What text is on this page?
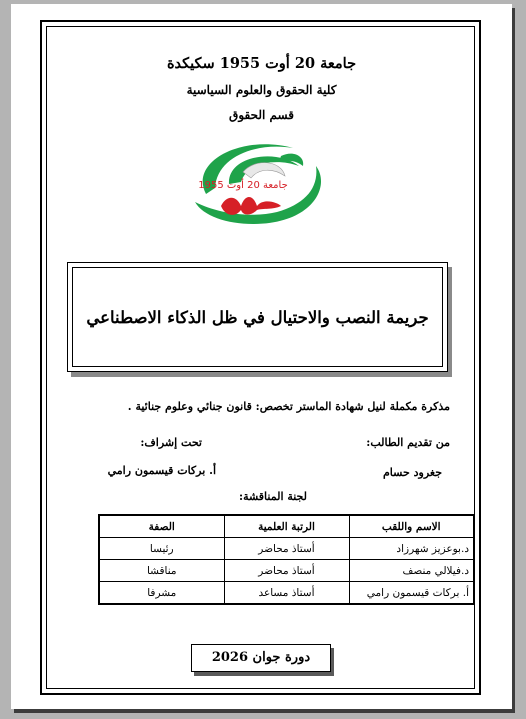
جامعة 20 أوت 1955 سكيكدة
كلية الحقوق والعلوم السياسية
قسم الحقوق
جامعة 20 أوت 1955
جريمة النصب والاحتيال في ظل الذكاء الاصطناعي
مذكرة مكملة لنيل شهادة الماستر تخصص: قانون جنائي وعلوم جنائية .
من تقديم الطالب:
تحت إشراف:
جغرود حسام
أ. بركات قيسمون رامي
لجنة المناقشة:
الاسم واللقب	الرتبة العلمية	الصفة
د.بوعزيز شهرزاد	أستاذ محاضر	رئيسا
د.فيلالي منصف	أستاذ محاضر	مناقشا
أ. بركات قيسمون رامي	أستاذ مساعد	مشرفا
دورة جوان 2026
